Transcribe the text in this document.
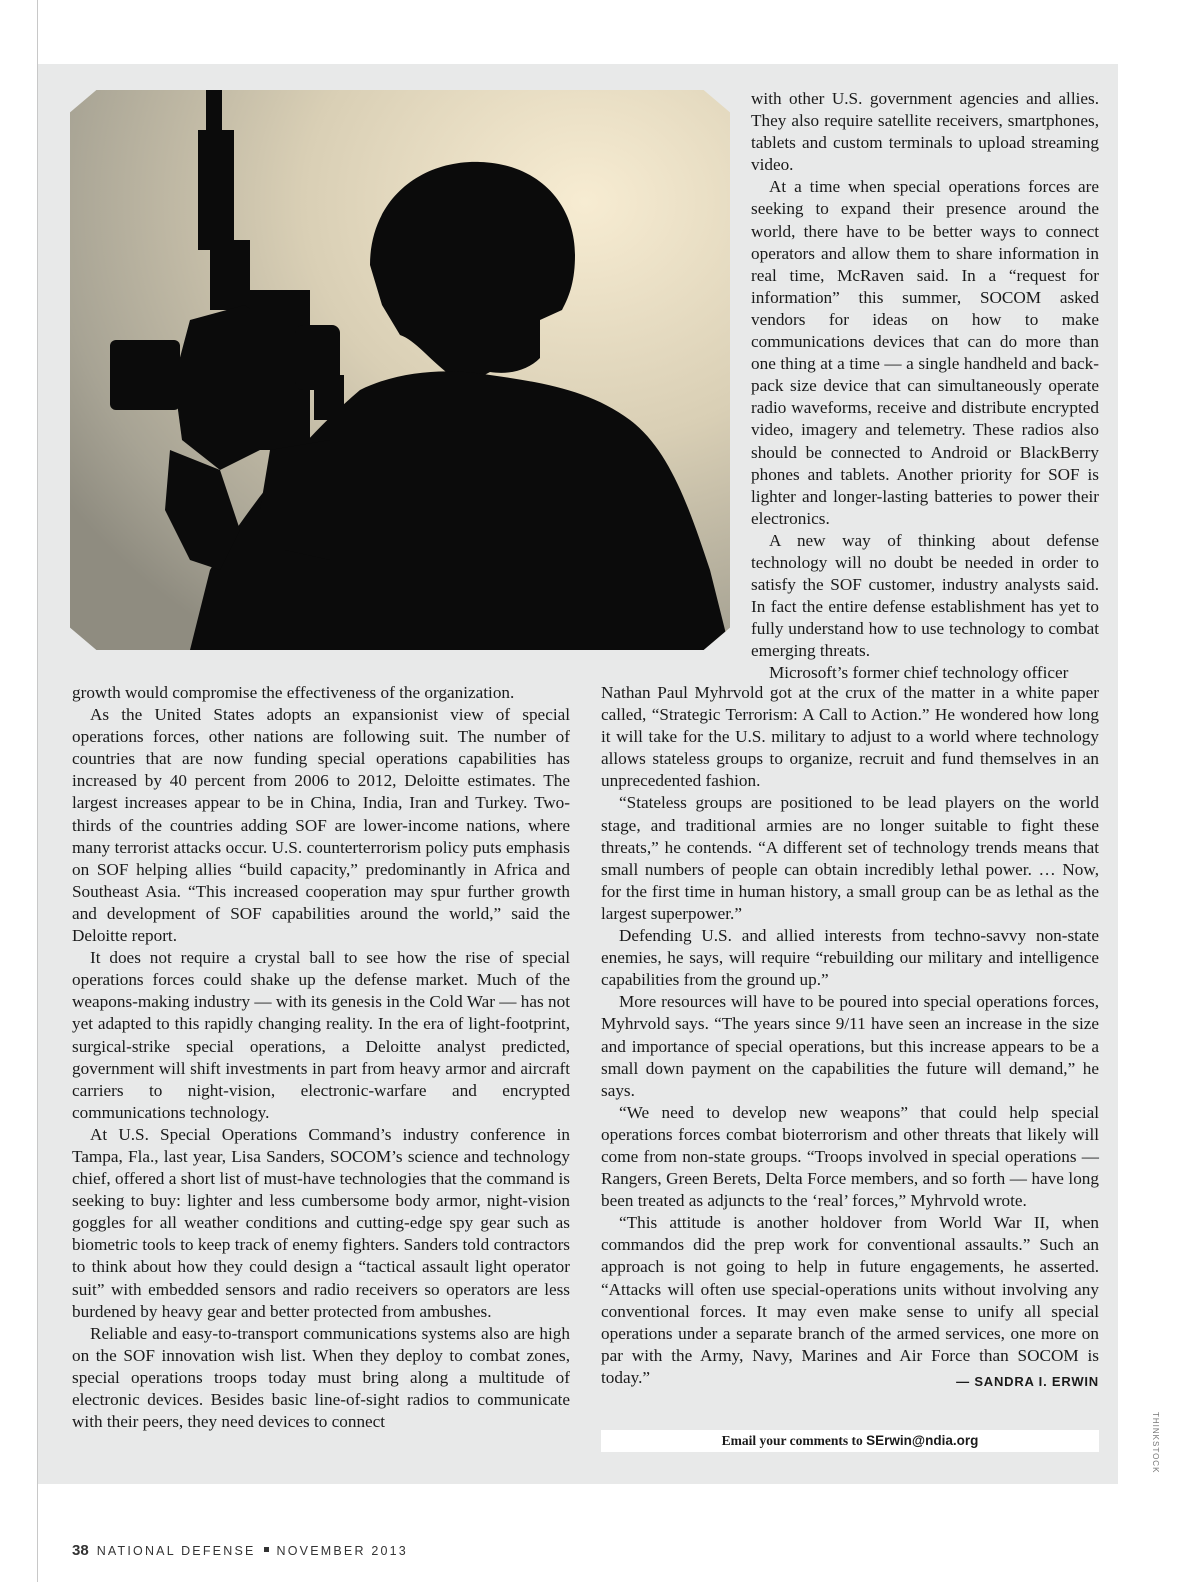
with other U.S. government agencies and allies. They also require satellite receivers, smartphones, tablets and custom terminals to upload streaming video.

At a time when special operations forces are seeking to expand their presence around the world, there have to be better ways to connect operators and allow them to share information in real time, McRaven said. In a “request for information” this summer, SOCOM asked vendors for ideas on how to make communications devices that can do more than one thing at a time — a single handheld and back-pack size device that can simultaneously operate radio waveforms, receive and distribute encrypted video, imagery and telemetry. These radios also should be connected to Android or BlackBerry phones and tablets. Another priority for SOF is lighter and longer-lasting batteries to power their electronics.

A new way of thinking about defense technology will no doubt be needed in order to satisfy the SOF customer, industry analysts said. In fact the entire defense establishment has yet to fully understand how to use technology to combat emerging threats.

Microsoft’s former chief technology officer

growth would compromise the effectiveness of the organization.

As the United States adopts an expansionist view of special operations forces, other nations are following suit. The number of countries that are now funding special operations capabilities has increased by 40 percent from 2006 to 2012, Deloitte estimates. The largest increases appear to be in China, India, Iran and Turkey. Two-thirds of the countries adding SOF are lower-income nations, where many terrorist attacks occur. U.S. counterterrorism policy puts emphasis on SOF helping allies “build capacity,” predominantly in Africa and Southeast Asia. “This increased cooperation may spur further growth and development of SOF capabilities around the world,” said the Deloitte report.

It does not require a crystal ball to see how the rise of special operations forces could shake up the defense market. Much of the weapons-making industry — with its genesis in the Cold War — has not yet adapted to this rapidly changing reality. In the era of light-footprint, surgical-strike special operations, a Deloitte analyst predicted, government will shift investments in part from heavy armor and aircraft carriers to night-vision, electronic-warfare and encrypted communications technology.

At U.S. Special Operations Command’s industry conference in Tampa, Fla., last year, Lisa Sanders, SOCOM’s science and technology chief, offered a short list of must-have technologies that the command is seeking to buy: lighter and less cumbersome body armor, night-vision goggles for all weather conditions and cutting-edge spy gear such as biometric tools to keep track of enemy fighters. Sanders told contractors to think about how they could design a “tactical assault light operator suit” with embedded sensors and radio receivers so operators are less burdened by heavy gear and better protected from ambushes.

Reliable and easy-to-transport communications systems also are high on the SOF innovation wish list. When they deploy to combat zones, special operations troops today must bring along a multitude of electronic devices. Besides basic line-of-sight radios to communicate with their peers, they need devices to connect

Nathan Paul Myhrvold got at the crux of the matter in a white paper called, “Strategic Terrorism: A Call to Action.” He wondered how long it will take for the U.S. military to adjust to a world where technology allows stateless groups to organize, recruit and fund themselves in an unprecedented fashion.

“Stateless groups are positioned to be lead players on the world stage, and traditional armies are no longer suitable to fight these threats,” he contends. “A different set of technology trends means that small numbers of people can obtain incredibly lethal power. … Now, for the first time in human history, a small group can be as lethal as the largest superpower.”

Defending U.S. and allied interests from techno-savvy non-state enemies, he says, will require “rebuilding our military and intelligence capabilities from the ground up.”

More resources will have to be poured into special operations forces, Myhrvold says. “The years since 9/11 have seen an increase in the size and importance of special operations, but this increase appears to be a small down payment on the capabilities the future will demand,” he says.

“We need to develop new weapons” that could help special operations forces combat bioterrorism and other threats that likely will come from non-state groups. “Troops involved in special operations — Rangers, Green Berets, Delta Force members, and so forth — have long been treated as adjuncts to the ‘real’ forces,” Myhrvold wrote.

“This attitude is another holdover from World War II, when commandos did the prep work for conventional assaults.” Such an approach is not going to help in future engagements, he asserted. “Attacks will often use special-operations units without involving any conventional forces. It may even make sense to unify all special operations under a separate branch of the armed services, one more on par with the Army, Navy, Marines and Air Force than SOCOM is today.”	— SANDRA I. ERWIN

Email your comments to SErwin@ndia.org	THINKSTOCK
38 NATIONAL DEFENSE NOVEMBER 2013
